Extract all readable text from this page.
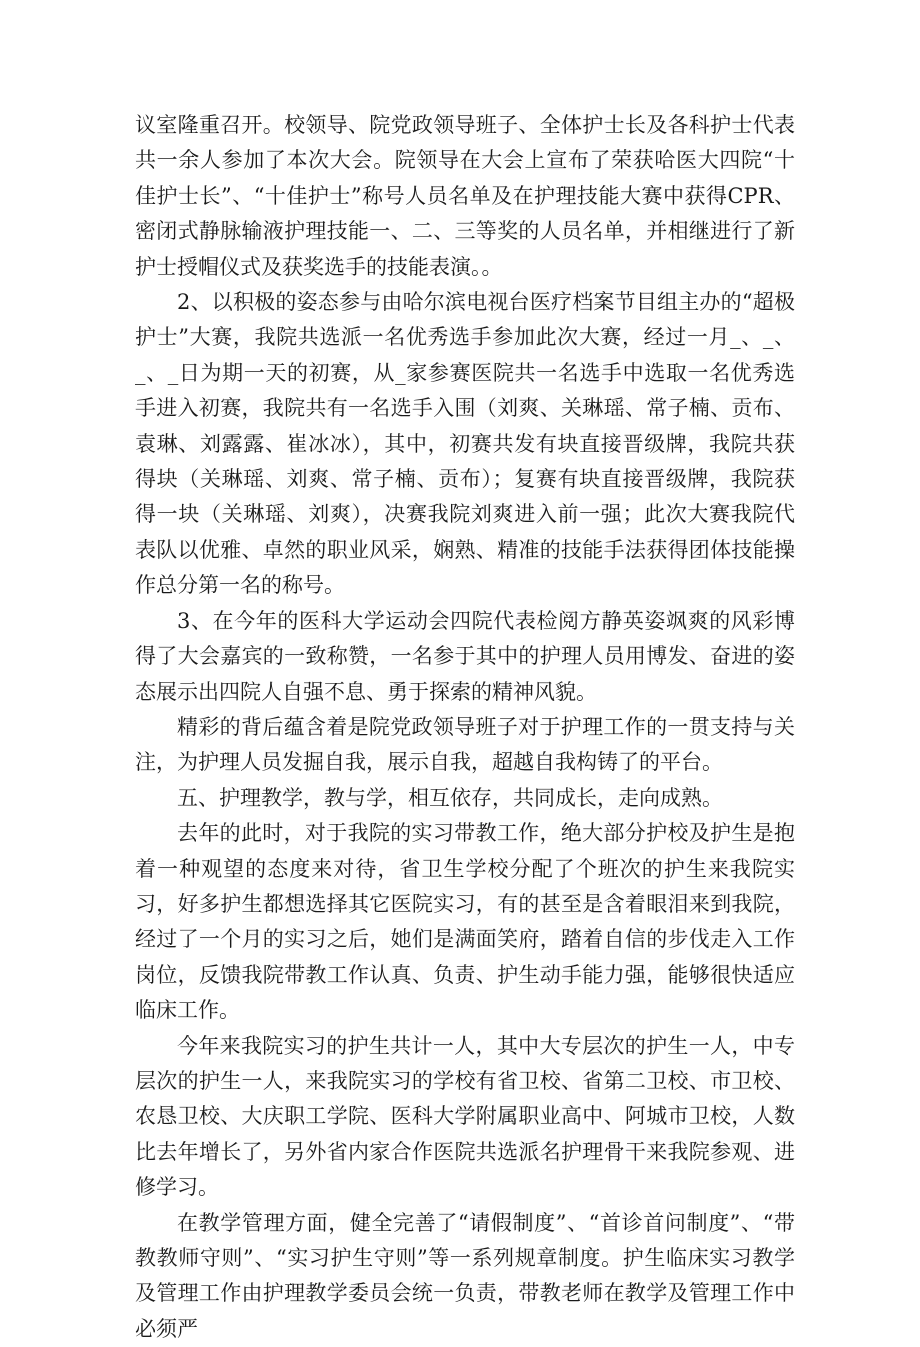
议室隆重召开。校领导、院党政领导班子、全体护士长及各科护士代表共一余人参加了本次大会。院领导在大会上宣布了荣获哈医大四院“十佳护士长”、“十佳护士”称号人员名单及在护理技能大赛中获得CPR、密闭式静脉输液护理技能一、二、三等奖的人员名单，并相继进行了新护士授帽仪式及获奖选手的技能表演。。

2、以积极的姿态参与由哈尔滨电视台医疗档案节目组主办的“超极护士”大赛，我院共选派一名优秀选手参加此次大赛，经过一月_、_、_、_日为期一天的初赛，从_家参赛医院共一名选手中选取一名优秀选手进入初赛，我院共有一名选手入围（刘爽、关琳瑶、常子楠、贡布、袁琳、刘露露、崔冰冰），其中，初赛共发有块直接晋级牌，我院共获得块（关琳瑶、刘爽、常子楠、贡布）；复赛有块直接晋级牌，我院获得一块（关琳瑶、刘爽），决赛我院刘爽进入前一强；此次大赛我院代表队以优雅、卓然的职业风采，娴熟、精准的技能手法获得团体技能操作总分第一名的称号。

3、在今年的医科大学运动会四院代表检阅方静英姿飒爽的风彩博得了大会嘉宾的一致称赞，一名参于其中的护理人员用博发、奋进的姿态展示出四院人自强不息、勇于探索的精神风貌。

精彩的背后蕴含着是院党政领导班子对于护理工作的一贯支持与关注，为护理人员发掘自我，展示自我，超越自我构铸了的平台。

五、护理教学，教与学，相互依存，共同成长，走向成熟。

去年的此时，对于我院的实习带教工作，绝大部分护校及护生是抱着一种观望的态度来对待，省卫生学校分配了个班次的护生来我院实习，好多护生都想选择其它医院实习，有的甚至是含着眼泪来到我院，经过了一个月的实习之后，她们是满面笑府，踏着自信的步伐走入工作岗位，反馈我院带教工作认真、负责、护生动手能力强，能够很快适应临床工作。

今年来我院实习的护生共计一人，其中大专层次的护生一人，中专层次的护生一人，来我院实习的学校有省卫校、省第二卫校、市卫校、农恳卫校、大庆职工学院、医科大学附属职业高中、阿城市卫校，人数比去年增长了，另外省内家合作医院共选派名护理骨干来我院参观、进修学习。

在教学管理方面，健全完善了“请假制度”、“首诊首问制度”、“带教教师守则”、“实习护生守则”等一系列规章制度。护生临床实习教学及管理工作由护理教学委员会统一负责，带教老师在教学及管理工作中必须严
